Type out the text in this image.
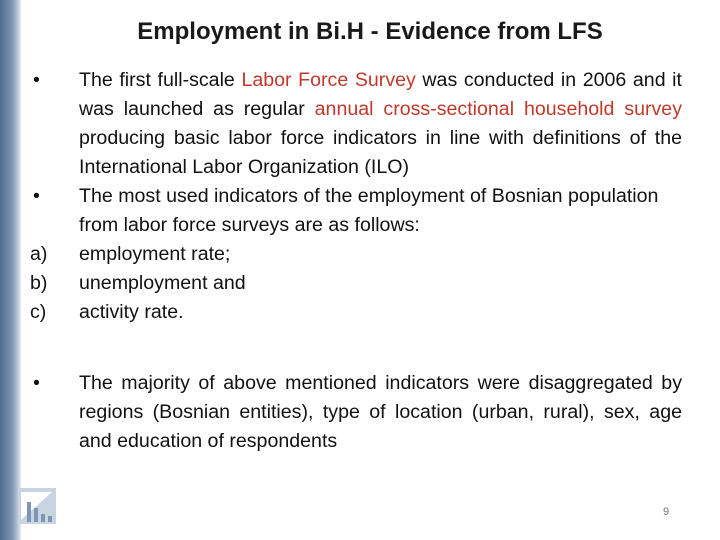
Employment in Bi.H - Evidence from LFS
•	The first full-scale Labor Force Survey was conducted in 2006 and it was launched as regular annual cross-sectional household survey producing basic labor force indicators in line with definitions of the International Labor Organization (ILO)
•	The most used indicators of the employment of Bosnian population from labor force surveys are as follows:
a)	employment rate;
b)	unemployment and
c)	activity rate.
•	The majority of above mentioned indicators were disaggregated by regions (Bosnian entities), type of location (urban, rural), sex, age and education of respondents
9
